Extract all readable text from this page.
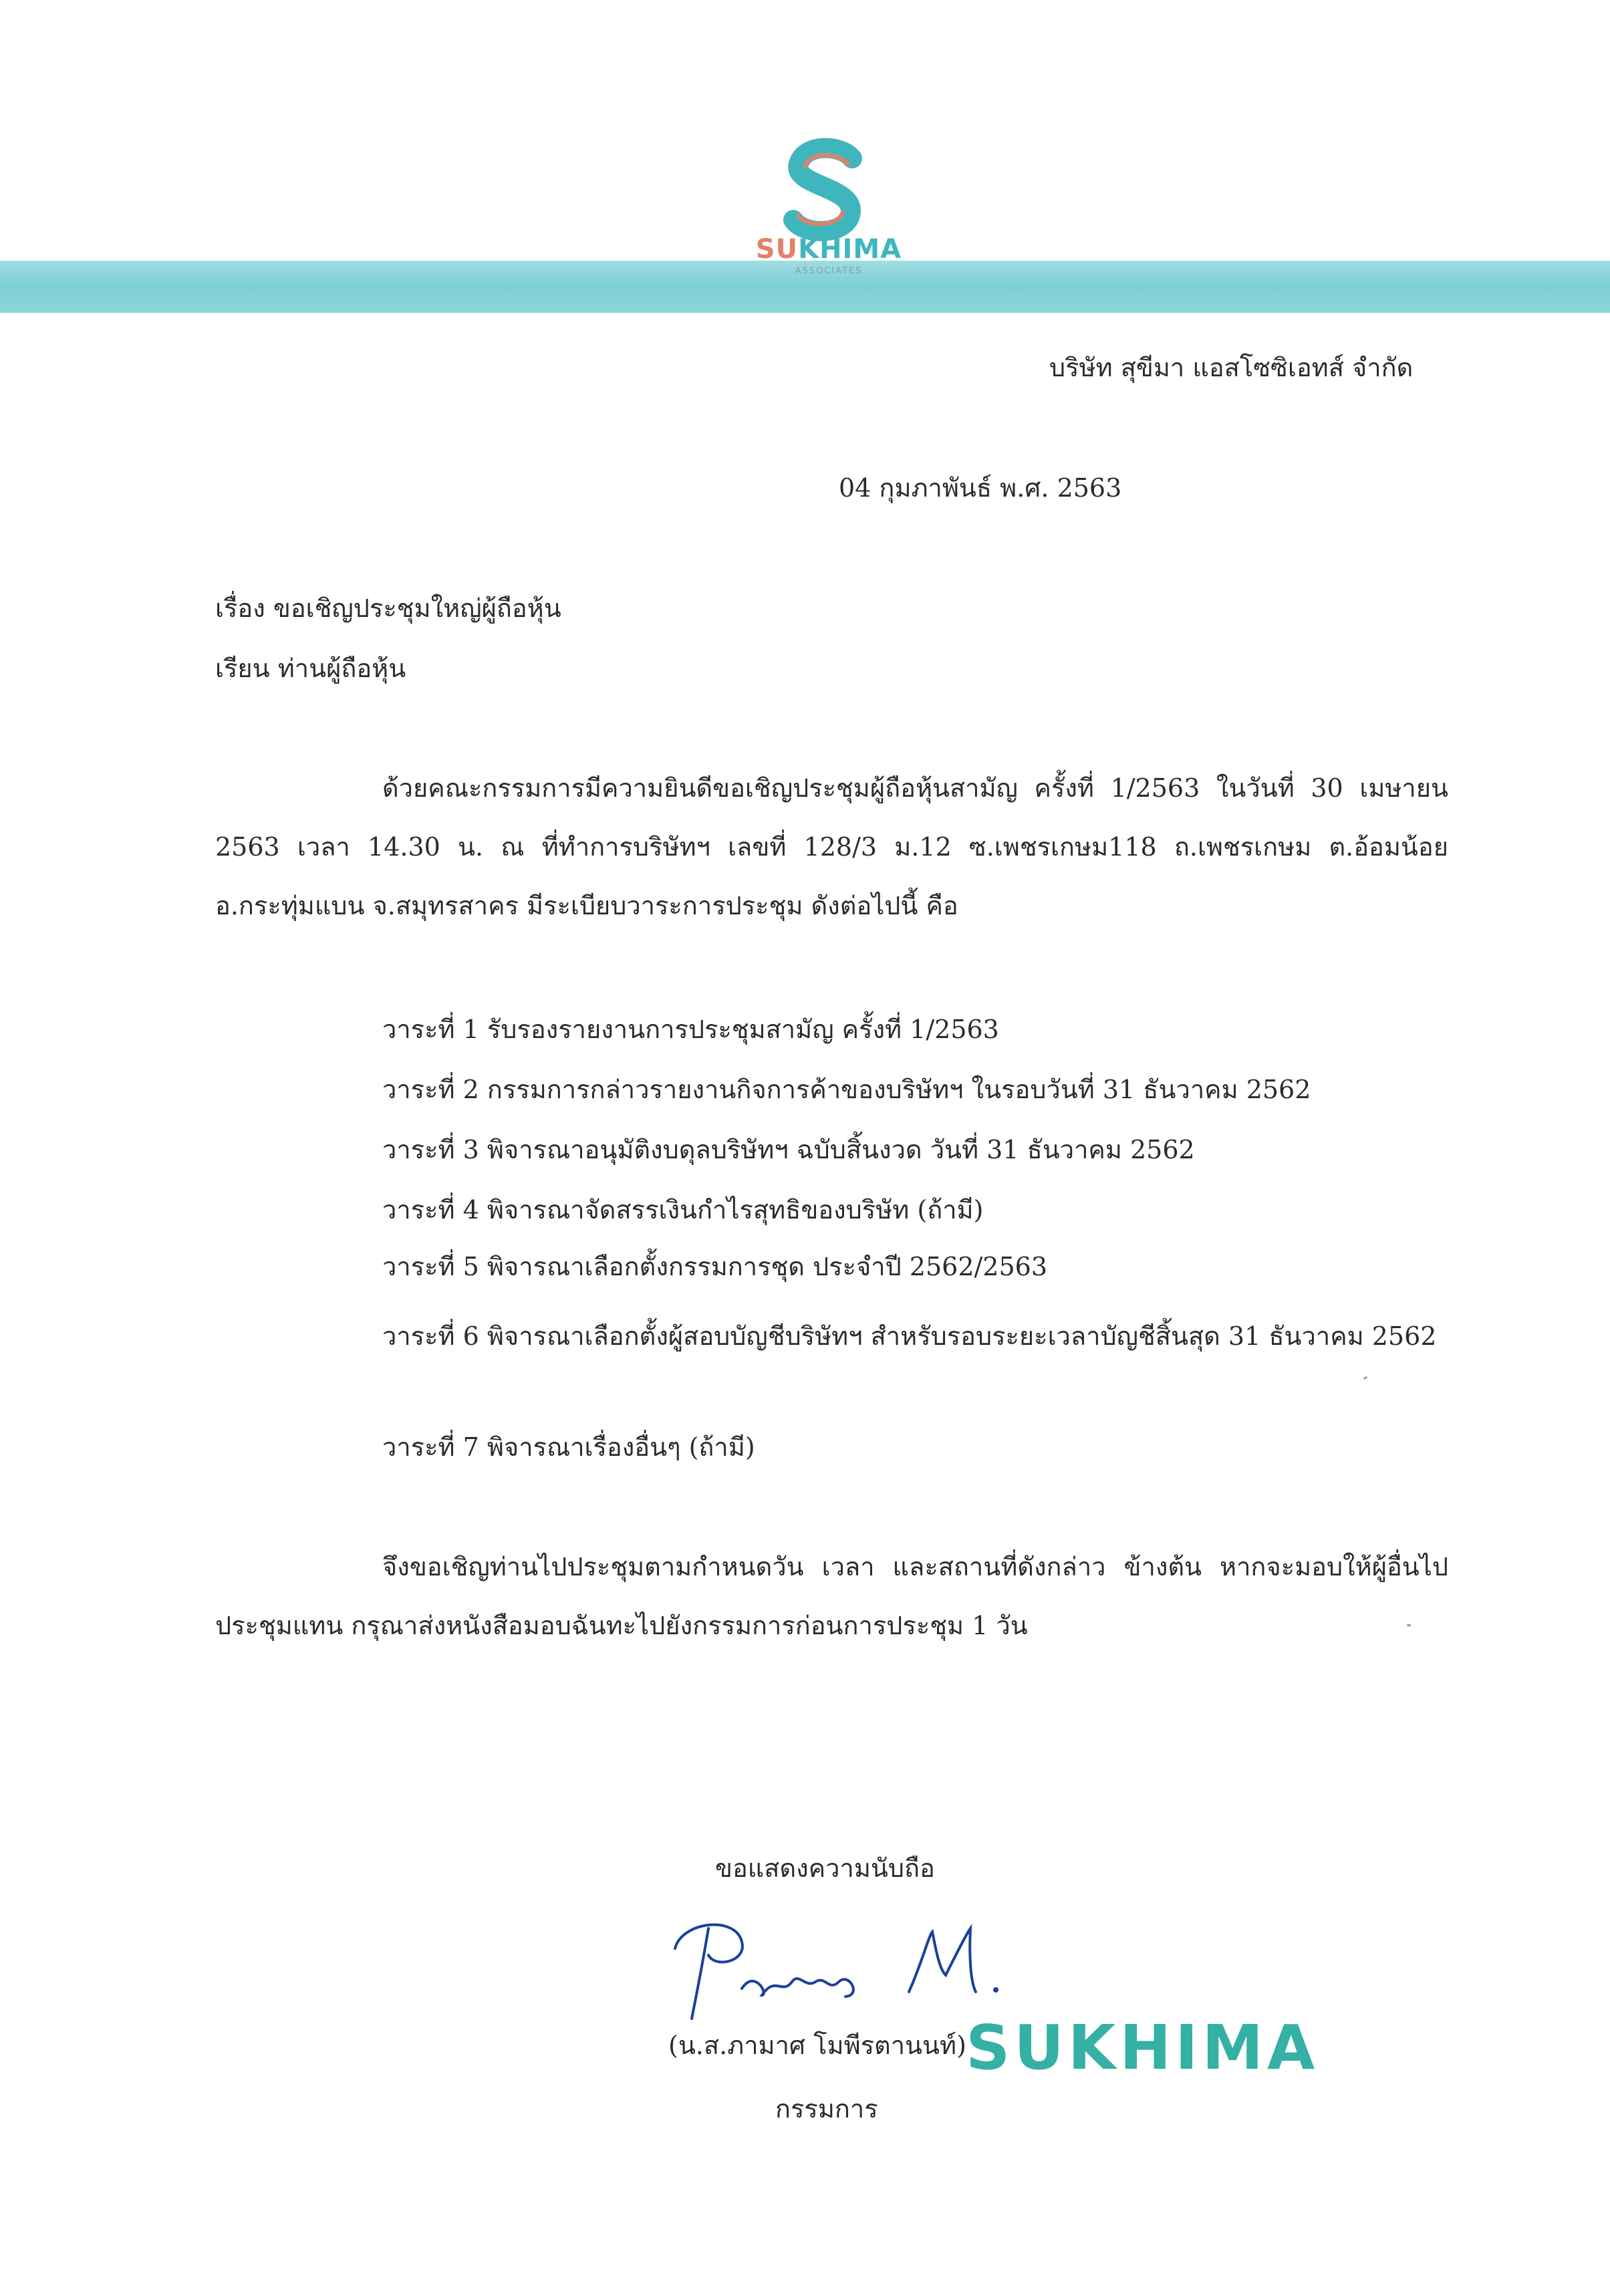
SUKHIMA
ASSOCIATES
บริษัท สุขีมา แอสโซซิเอทส์ จำกัด
04 กุมภาพันธ์ พ.ศ. 2563
เรื่อง ขอเชิญประชุมใหญ่ผู้ถือหุ้น
เรียน ท่านผู้ถือหุ้น
ด้วยคณะกรรมการมีความยินดีขอเชิญประชุมผู้ถือหุ้นสามัญ ครั้งที่ 1/2563 ในวันที่ 30 เมษายน 2563 เวลา 14.30 น. ณ ที่ทำการบริษัทฯ เลขที่ 128/3 ม.12 ซ.เพชรเกษม118 ถ.เพชรเกษม ต.อ้อมน้อย อ.กระทุ่มแบน จ.สมุทรสาคร มีระเบียบวาระการประชุม ดังต่อไปนี้ คือ
วาระที่ 1 รับรองรายงานการประชุมสามัญ ครั้งที่ 1/2563
วาระที่ 2 กรรมการกล่าวรายงานกิจการค้าของบริษัทฯ ในรอบวันที่ 31 ธันวาคม 2562
วาระที่ 3 พิจารณาอนุมัติงบดุลบริษัทฯ ฉบับสิ้นงวด วันที่ 31 ธันวาคม 2562
วาระที่ 4 พิจารณาจัดสรรเงินกำไรสุทธิของบริษัท (ถ้ามี)
วาระที่ 5 พิจารณาเลือกตั้งกรรมการชุด ประจำปี 2562/2563
วาระที่ 6 พิจารณาเลือกตั้งผู้สอบบัญชีบริษัทฯ สำหรับรอบระยะเวลาบัญชีสิ้นสุด 31 ธันวาคม 2562
วาระที่ 7 พิจารณาเรื่องอื่นๆ (ถ้ามี)
จึงขอเชิญท่านไปประชุมตามกำหนดวัน เวลา และสถานที่ดังกล่าว ข้างต้น หากจะมอบให้ผู้อื่นไปประชุมแทน กรุณาส่งหนังสือมอบฉันทะไปยังกรรมการก่อนการประชุม 1 วัน
ขอแสดงความนับถือ
SUKHIMA
(น.ส.ภามาศ โมพีรตานนท์)
กรรมการ
